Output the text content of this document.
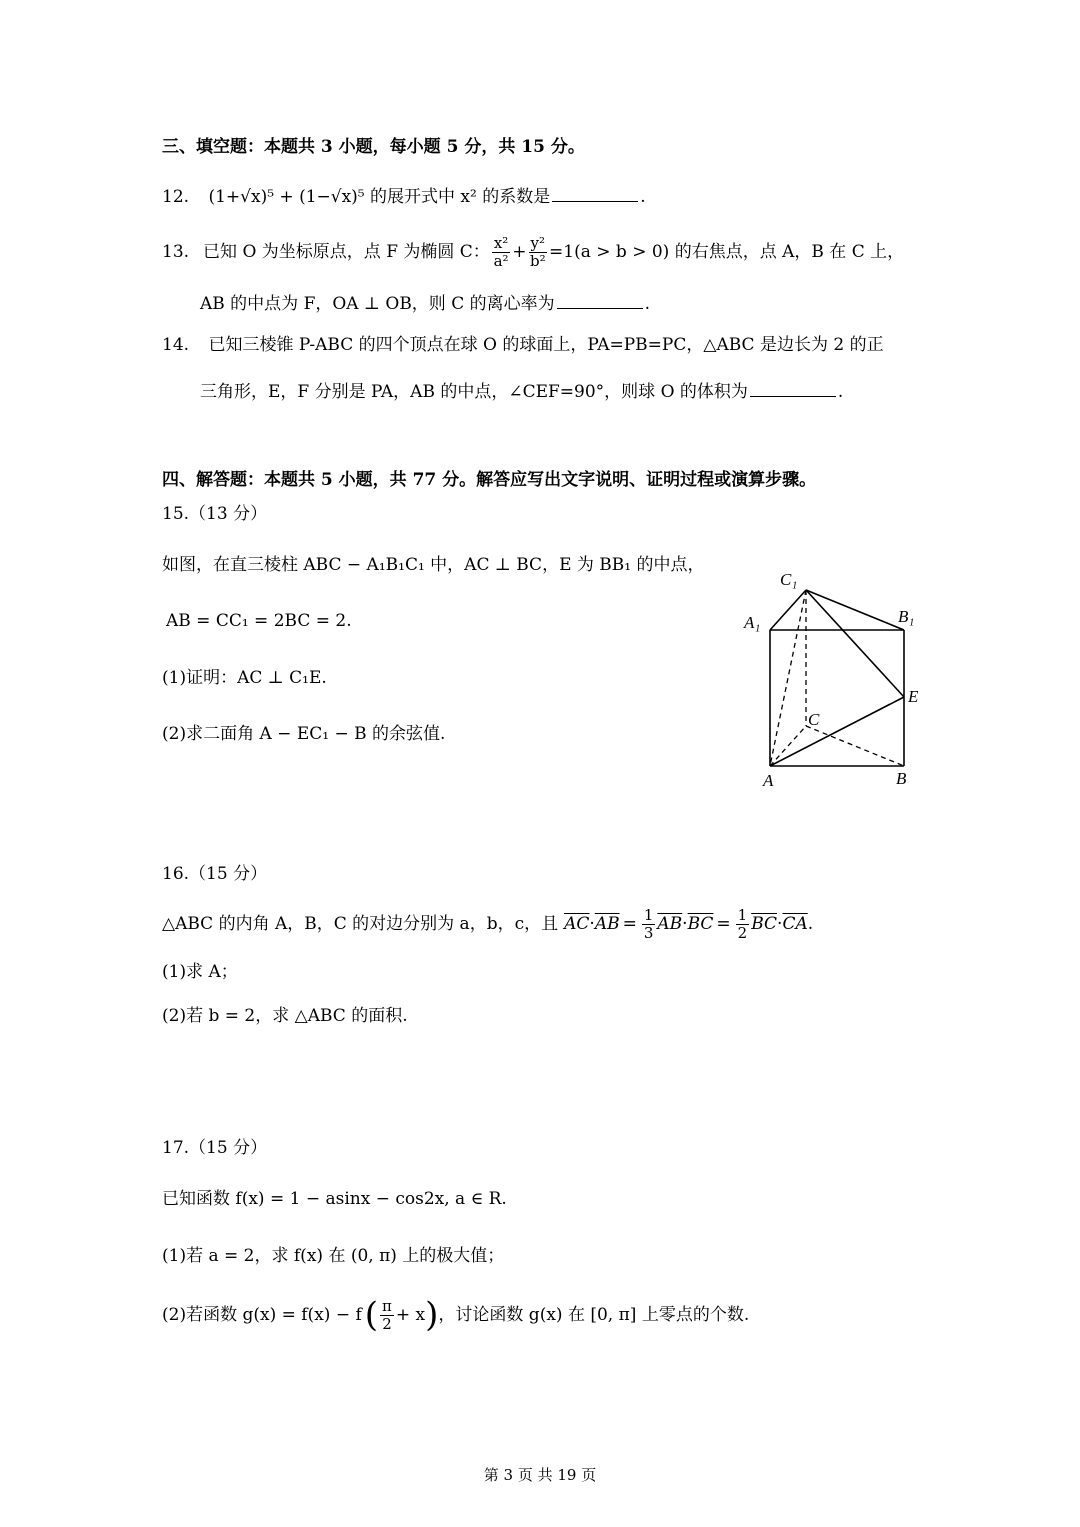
三、填空题：本题共 3 小题，每小题 5 分，共 15 分。
12. (1+√x)⁵ + (1−√x)⁵ 的展开式中 x² 的系数是	.
13. 已知 O 为坐标原点，点 F 为椭圆 C： $\frac{\text{x²}}{\text{a²}} + \frac{\text{y²}}{\text{b²}} =1(a > b > 0)$ 的右焦点，点 A，B 在 C 上，
AB 的中点为 F，OA ⊥ OB，则 C 的离心率为	.
14. 已知三棱锥 P-ABC 的四个顶点在球 O 的球面上，PA=PB=PC，△ABC 是边长为 2 的正
三角形，E，F 分别是 PA，AB 的中点，∠CEF=90°，则球 O 的体积为	.
四、解答题：本题共 5 小题，共 77 分。解答应写出文字说明、证明过程或演算步骤。
15.（13 分）
如图，在直三棱柱 ABC − A₁B₁C₁ 中，AC ⊥ BC，E 为 BB₁ 的中点，
AB = CC₁ = 2BC = 2.
(1)证明：AC ⊥ C₁E.
(2)求二面角 A − EC₁ − B 的余弦值.
C₁
A₁	B₁
E
C
A	B
16.（15 分）
△ABC 的内角 A，B，C 的对边分别为 a，b，c，且 $\overline{AC} \cdot \overline{AB} = \frac{1}{3} \overline{AB} \cdot \overline{BC} = \frac{1}{2} \overline{BC} \cdot \overline{CA}$ .
(1)求 A；
(2)若 b = 2，求 △ABC 的面积.
17.（15 分）
已知函数 f(x) = 1 − asinx − cos2x, a ∈ R.
(1)若 a = 2，求 f(x) 在 (0, π) 上的极大值；
(2)若函数 g(x) = f(x) − f ( $\frac{\pi}{2} + x$ ) ，讨论函数 g(x) 在 [0, π] 上零点的个数.
第 3 页 共 19 页
